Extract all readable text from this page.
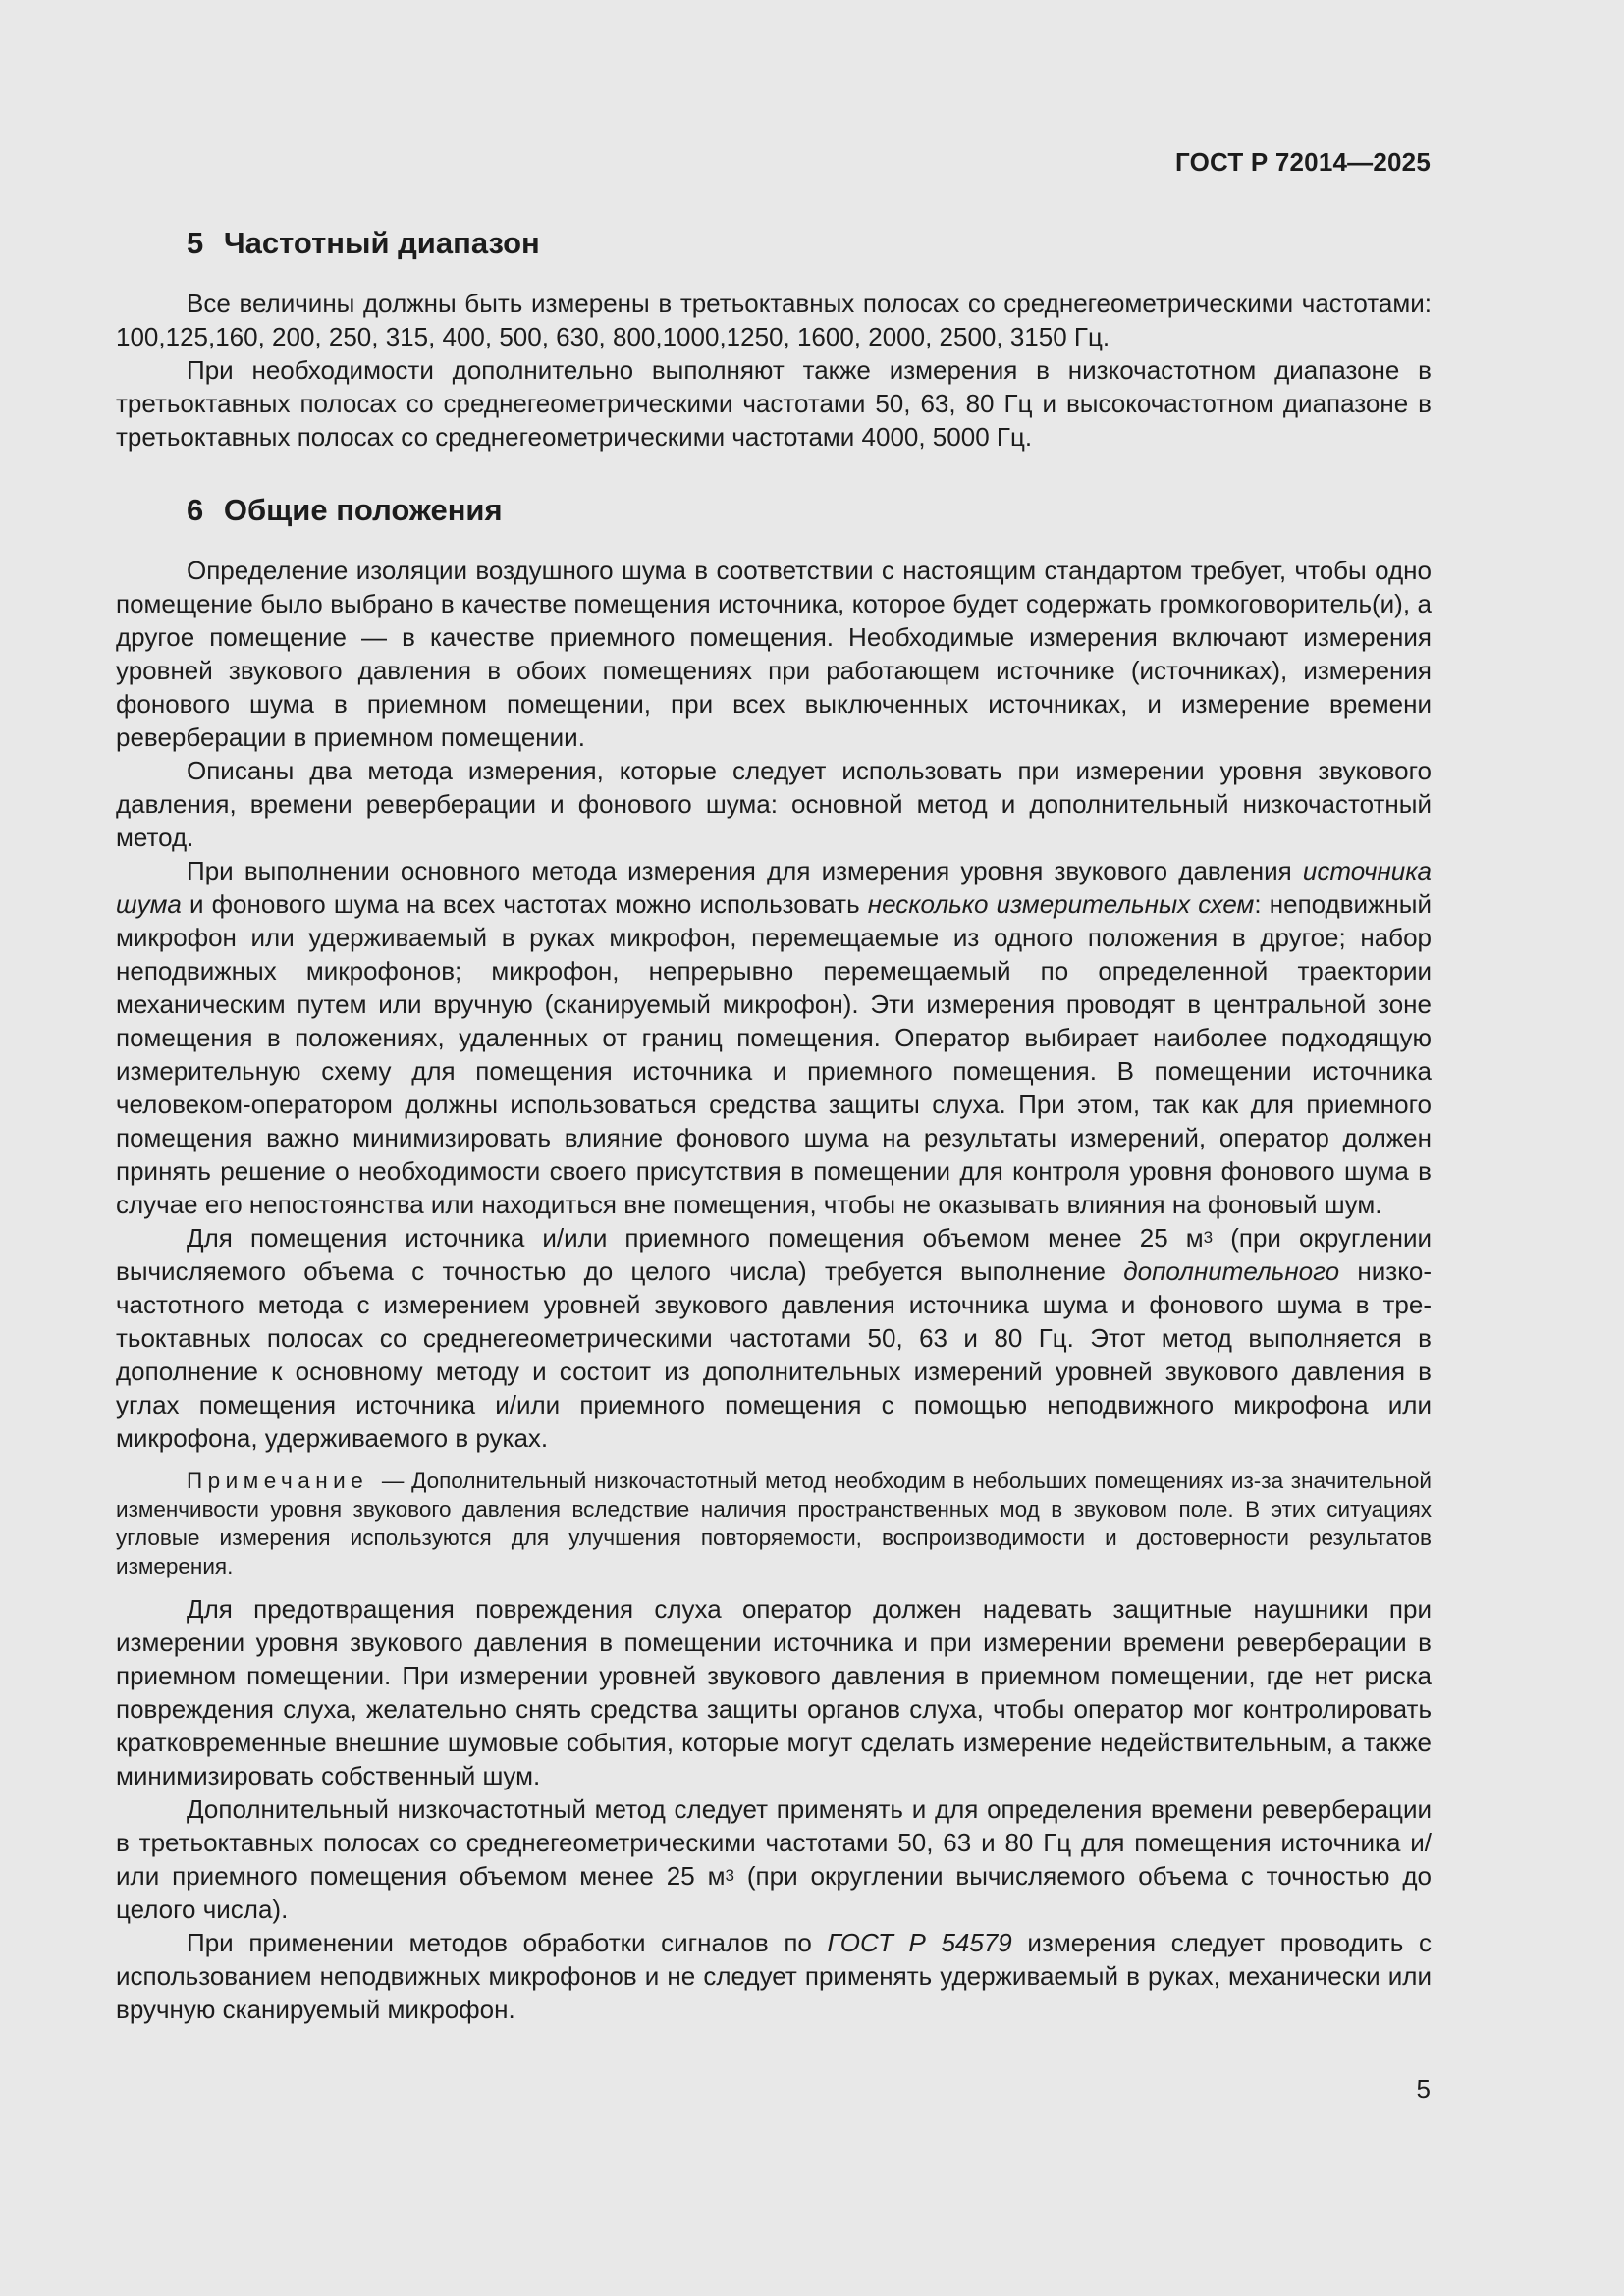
ГОСТ Р 72014—2025
5 Частотный диапазон

Все величины должны быть измерены в третьоктавных полосах со среднегеометрическими частотами: 100,125,160, 200, 250, 315, 400, 500, 630, 800,1000,1250, 1600, 2000, 2500, 3150 Гц.

При необходимости дополнительно выполняют также измерения в низкочастотном диапазоне в третьоктавных полосах со среднегеометрическими частотами 50, 63, 80 Гц и высокочастотном диапазоне в третьоктавных полосах со среднегеометрическими частотами 4000, 5000 Гц.

6 Общие положения

Определение изоляции воздушного шума в соответствии с настоящим стандартом требует, чтобы одно помещение было выбрано в качестве помещения источника, которое будет содержать громкоговоритель(и), а другое помещение — в качестве приемного помещения. Необходимые измерения включают измерения уровней звукового давления в обоих помещениях при работающем источнике (источниках), измерения фонового шума в приемном помещении, при всех выключенных источниках, и измерение времени реверберации в приемном помещении.

Описаны два метода измерения, которые следует использовать при измерении уровня звукового давления, времени реверберации и фонового шума: основной метод и дополнительный низкочастотный метод.

При выполнении основного метода измерения для измерения уровня звукового давления источника шума и фонового шума на всех частотах можно использовать несколько измерительных схем: неподвижный микрофон или удерживаемый в руках микрофон, перемещаемые из одного положения в другое; набор неподвижных микрофонов; микрофон, непрерывно перемещаемый по определенной траектории механическим путем или вручную (сканируемый микрофон). Эти измерения проводят в центральной зоне помещения в положениях, удаленных от границ помещения. Оператор выбирает наиболее подходящую измерительную схему для помещения источника и приемного помещения. В помещении источника человеком-оператором должны использоваться средства защиты слуха. При этом, так как для приемного помещения важно минимизировать влияние фонового шума на результаты измерений, оператор должен принять решение о необходимости своего присутствия в помещении для контроля уровня фонового шума в случае его непостоянства или находиться вне помещения, чтобы не оказывать влияния на фоновый шум.

Для помещения источника и/или приемного помещения объемом менее 25 $м^3$ (при округлении вычисляемого объема с точностью до целого числа) требуется выполнение дополнительного низкочастотного метода с измерением уровней звукового давления источника шума и фонового шума в третьоктавных полосах со среднегеометрическими частотами 50, 63 и 80 Гц. Этот метод выполняется в дополнение к основному методу и состоит из дополнительных измерений уровней звукового давления в углах помещения источника и/или приемного помещения с помощью неподвижного микрофона или микрофона, удерживаемого в руках.

Примечание — Дополнительный низкочастотный метод необходим в небольших помещениях из-за значительной изменчивости уровня звукового давления вследствие наличия пространственных мод в звуковом поле. В этих ситуациях угловые измерения используются для улучшения повторяемости, воспроизводимости и достоверности результатов измерения.

Для предотвращения повреждения слуха оператор должен надевать защитные наушники при измерении уровня звукового давления в помещении источника и при измерении времени реверберации в приемном помещении. При измерении уровней звукового давления в приемном помещении, где нет риска повреждения слуха, желательно снять средства защиты органов слуха, чтобы оператор мог контролировать кратковременные внешние шумовые события, которые могут сделать измерение недействительным, а также минимизировать собственный шум.

Дополнительный низкочастотный метод следует применять и для определения времени реверберации в третьоктавных полосах со среднегеометрическими частотами 50, 63 и 80 Гц для помещения источника и/или приемного помещения объемом менее 25 $м^3$ (при округлении вычисляемого объема с точностью до целого числа).

При применении методов обработки сигналов по ГОСТ Р 54579 измерения следует проводить с использованием неподвижных микрофонов и не следует применять удерживаемый в руках, механически или вручную сканируемый микрофон.

5
